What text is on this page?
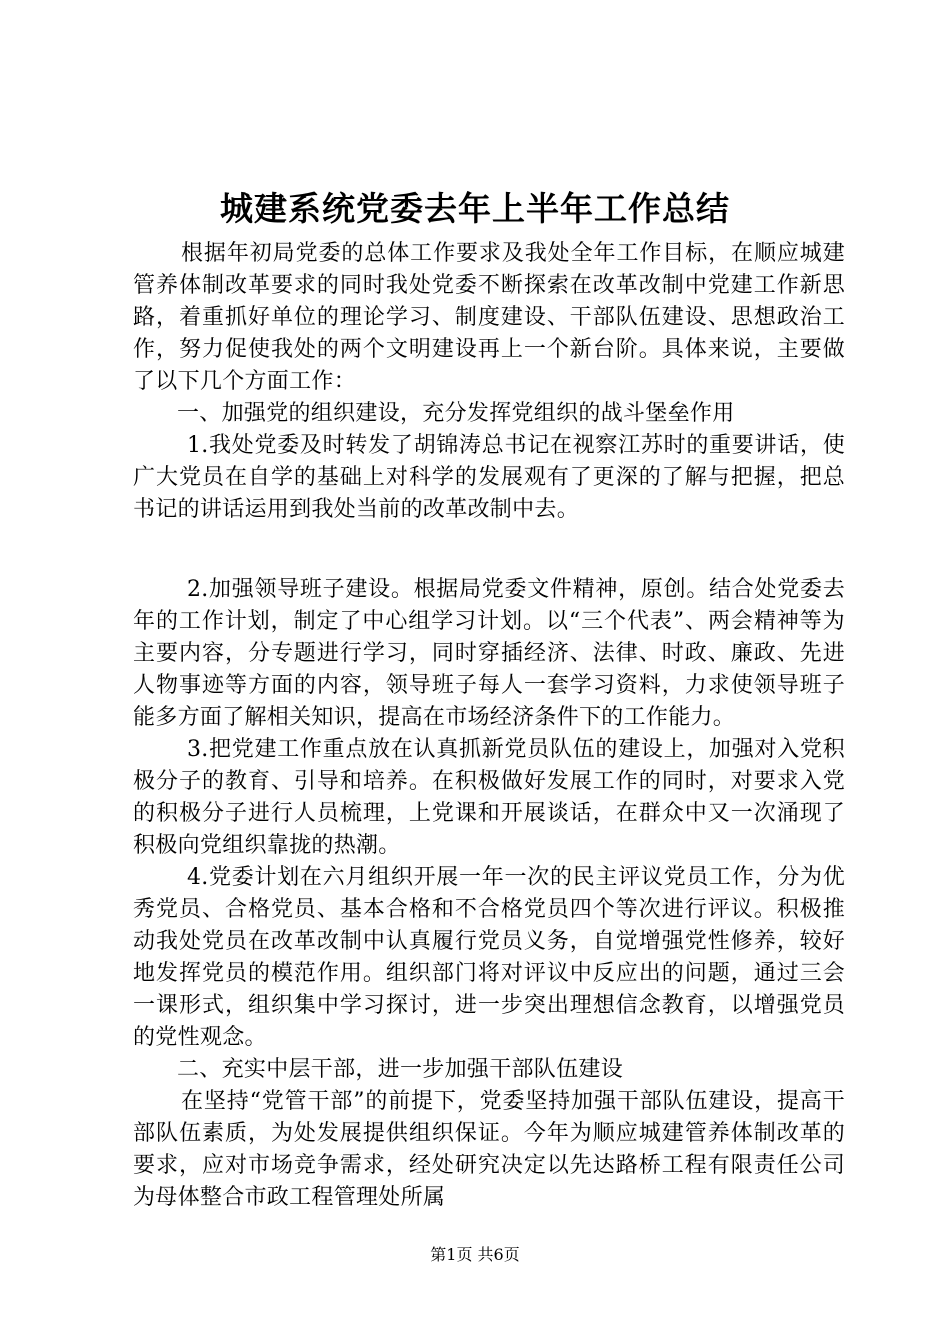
城建系统党委去年上半年工作总结

根据年初局党委的总体工作要求及我处全年工作目标，在顺应城建管养体制改革要求的同时我处党委不断探索在改革改制中党建工作新思路，着重抓好单位的理论学习、制度建设、干部队伍建设、思想政治工作，努力促使我处的两个文明建设再上一个新台阶。具体来说，主要做了以下几个方面工作：

一、加强党的组织建设，充分发挥党组织的战斗堡垒作用

1.我处党委及时转发了胡锦涛总书记在视察江苏时的重要讲话，使广大党员在自学的基础上对科学的发展观有了更深的了解与把握，把总书记的讲话运用到我处当前的改革改制中去。

2.加强领导班子建设。根据局党委文件精神，原创。结合处党委去年的工作计划，制定了中心组学习计划。以“三个代表”、两会精神等为主要内容，分专题进行学习，同时穿插经济、法律、时政、廉政、先进人物事迹等方面的内容，领导班子每人一套学习资料，力求使领导班子能多方面了解相关知识，提高在市场经济条件下的工作能力。

3.把党建工作重点放在认真抓新党员队伍的建设上，加强对入党积极分子的教育、引导和培养。在积极做好发展工作的同时，对要求入党的积极分子进行人员梳理，上党课和开展谈话，在群众中又一次涌现了积极向党组织靠拢的热潮。

4.党委计划在六月组织开展一年一次的民主评议党员工作，分为优秀党员、合格党员、基本合格和不合格党员四个等次进行评议。积极推动我处党员在改革改制中认真履行党员义务，自觉增强党性修养，较好地发挥党员的模范作用。组织部门将对评议中反应出的问题，通过三会一课形式，组织集中学习探讨，进一步突出理想信念教育，以增强党员的党性观念。

二、充实中层干部，进一步加强干部队伍建设

在坚持“党管干部”的前提下，党委坚持加强干部队伍建设，提高干部队伍素质，为处发展提供组织保证。今年为顺应城建管养体制改革的要求，应对市场竞争需求，经处研究决定以先达路桥工程有限责任公司为母体整合市政工程管理处所属

第1页 共6页
